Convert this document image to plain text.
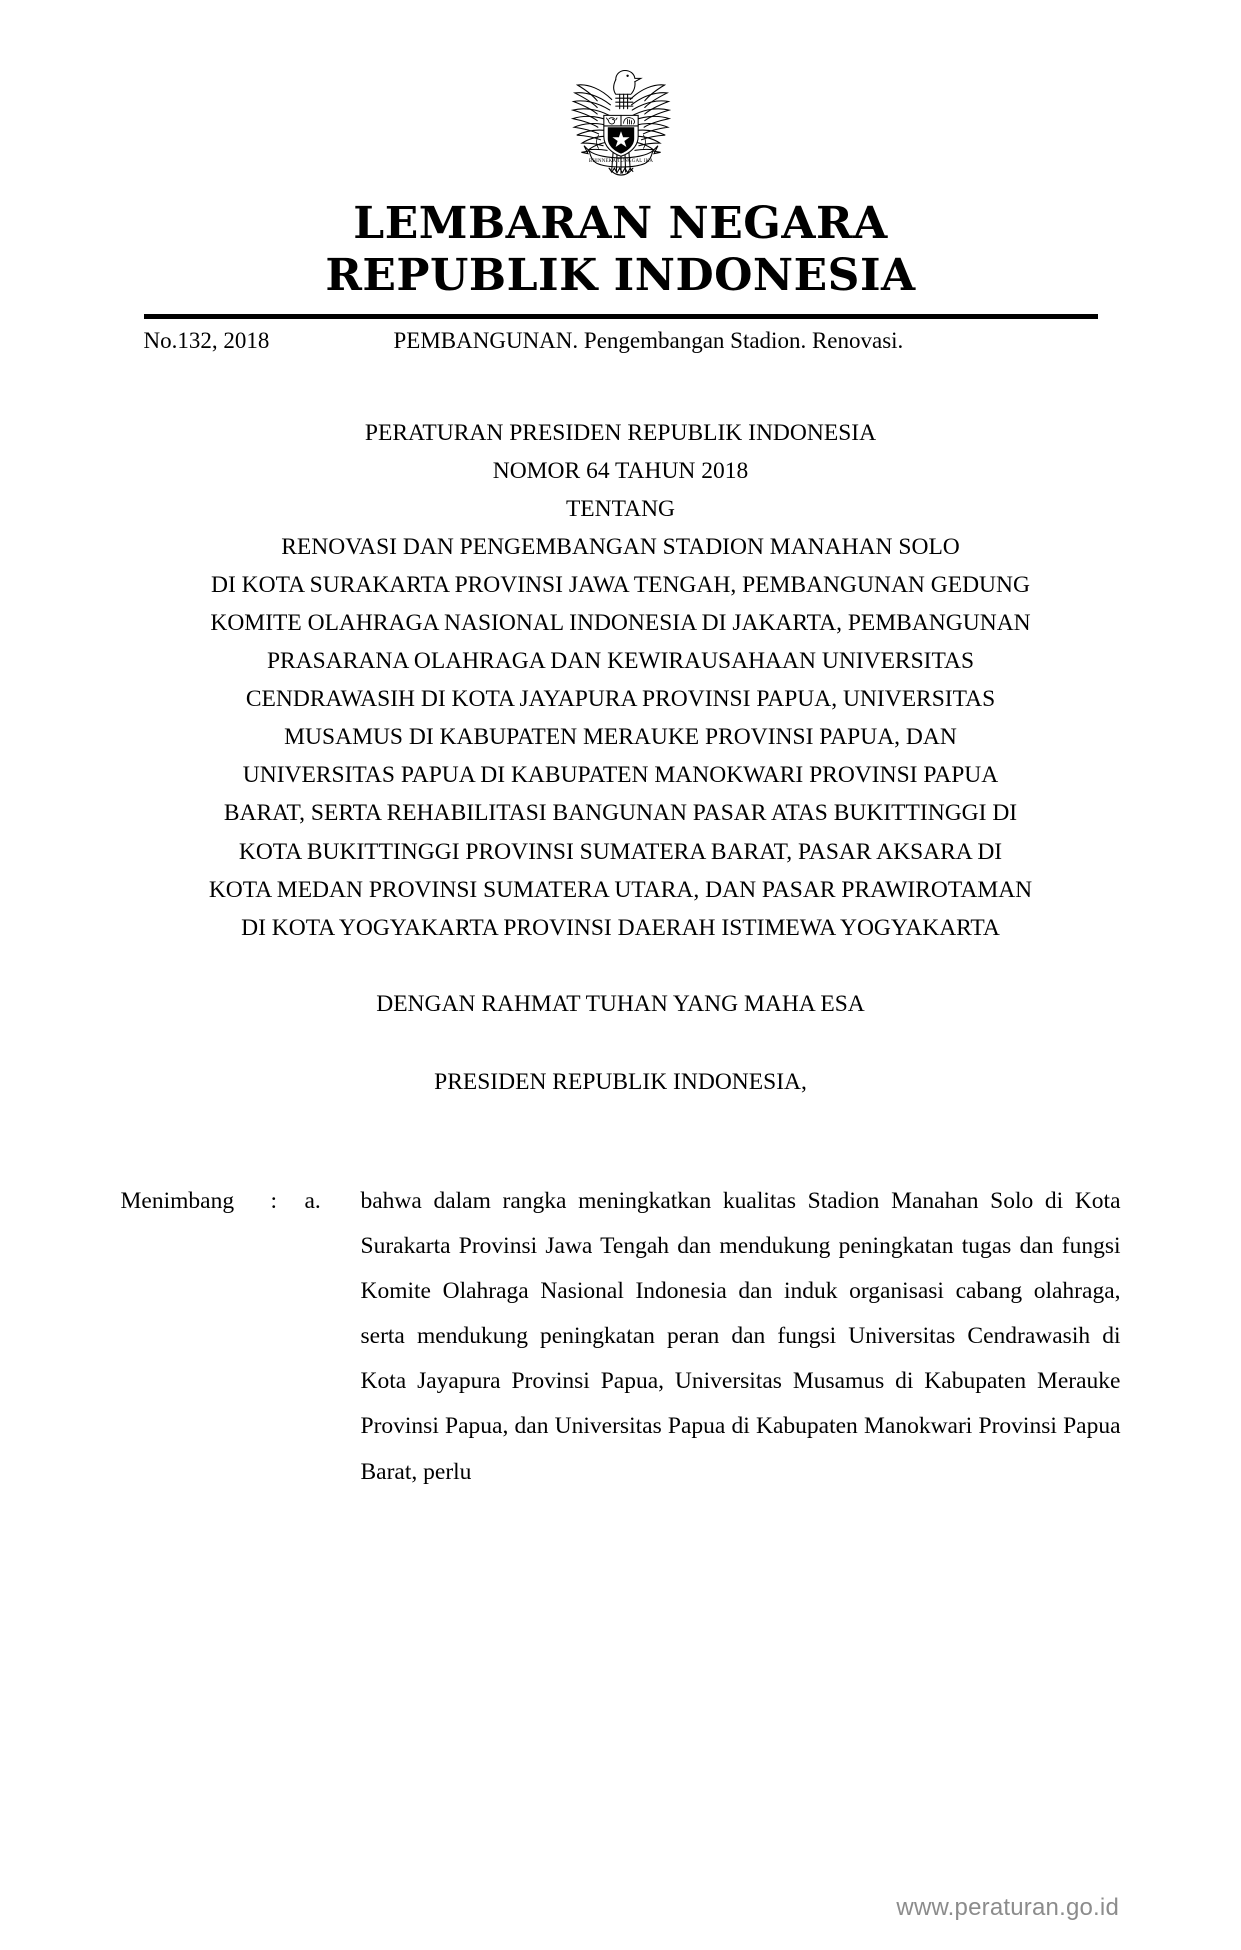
BHINNEKA TUNGGAL IKA
LEMBARAN NEGARA
REPUBLIK INDONESIA
No.132, 2018	PEMBANGUNAN. Pengembangan Stadion. Renovasi.
PERATURAN PRESIDEN REPUBLIK INDONESIA
NOMOR 64 TAHUN 2018
TENTANG
RENOVASI DAN PENGEMBANGAN STADION MANAHAN SOLO
DI KOTA SURAKARTA PROVINSI JAWA TENGAH, PEMBANGUNAN GEDUNG
KOMITE OLAHRAGA NASIONAL INDONESIA DI JAKARTA, PEMBANGUNAN
PRASARANA OLAHRAGA DAN KEWIRAUSAHAAN UNIVERSITAS
CENDRAWASIH DI KOTA JAYAPURA PROVINSI PAPUA, UNIVERSITAS
MUSAMUS DI KABUPATEN MERAUKE PROVINSI PAPUA, DAN
UNIVERSITAS PAPUA DI KABUPATEN MANOKWARI PROVINSI PAPUA
BARAT, SERTA REHABILITASI BANGUNAN PASAR ATAS BUKITTINGGI DI
KOTA BUKITTINGGI PROVINSI SUMATERA BARAT, PASAR AKSARA DI
KOTA MEDAN PROVINSI SUMATERA UTARA, DAN PASAR PRAWIROTAMAN
DI KOTA YOGYAKARTA PROVINSI DAERAH ISTIMEWA YOGYAKARTA
DENGAN RAHMAT TUHAN YANG MAHA ESA
PRESIDEN REPUBLIK INDONESIA,
Menimbang	:	a.	bahwa dalam rangka meningkatkan kualitas Stadion Manahan Solo di Kota Surakarta Provinsi Jawa Tengah dan mendukung peningkatan tugas dan fungsi Komite Olahraga Nasional Indonesia dan induk organisasi cabang olahraga, serta mendukung peningkatan peran dan fungsi Universitas Cendrawasih di Kota Jayapura Provinsi Papua, Universitas Musamus di Kabupaten Merauke Provinsi Papua, dan Universitas Papua di Kabupaten Manokwari Provinsi Papua Barat, perlu
www.peraturan.go.id
